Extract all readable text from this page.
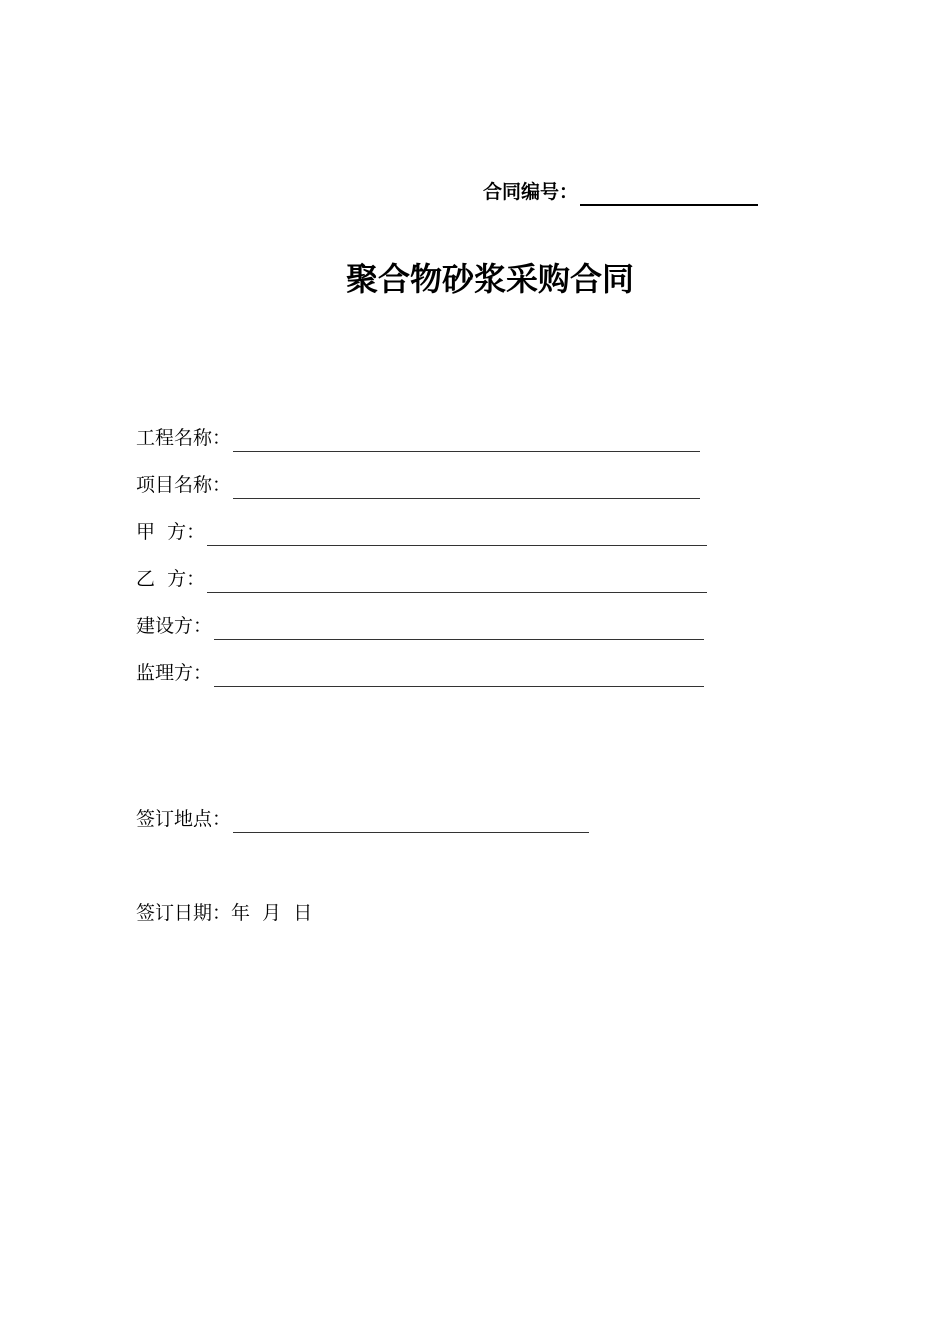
合同编号：
聚合物砂浆采购合同
工程名称：
项目名称：
甲  方：
乙  方：
建设方：
监理方：
签订地点：
签订日期： 年
月
日
